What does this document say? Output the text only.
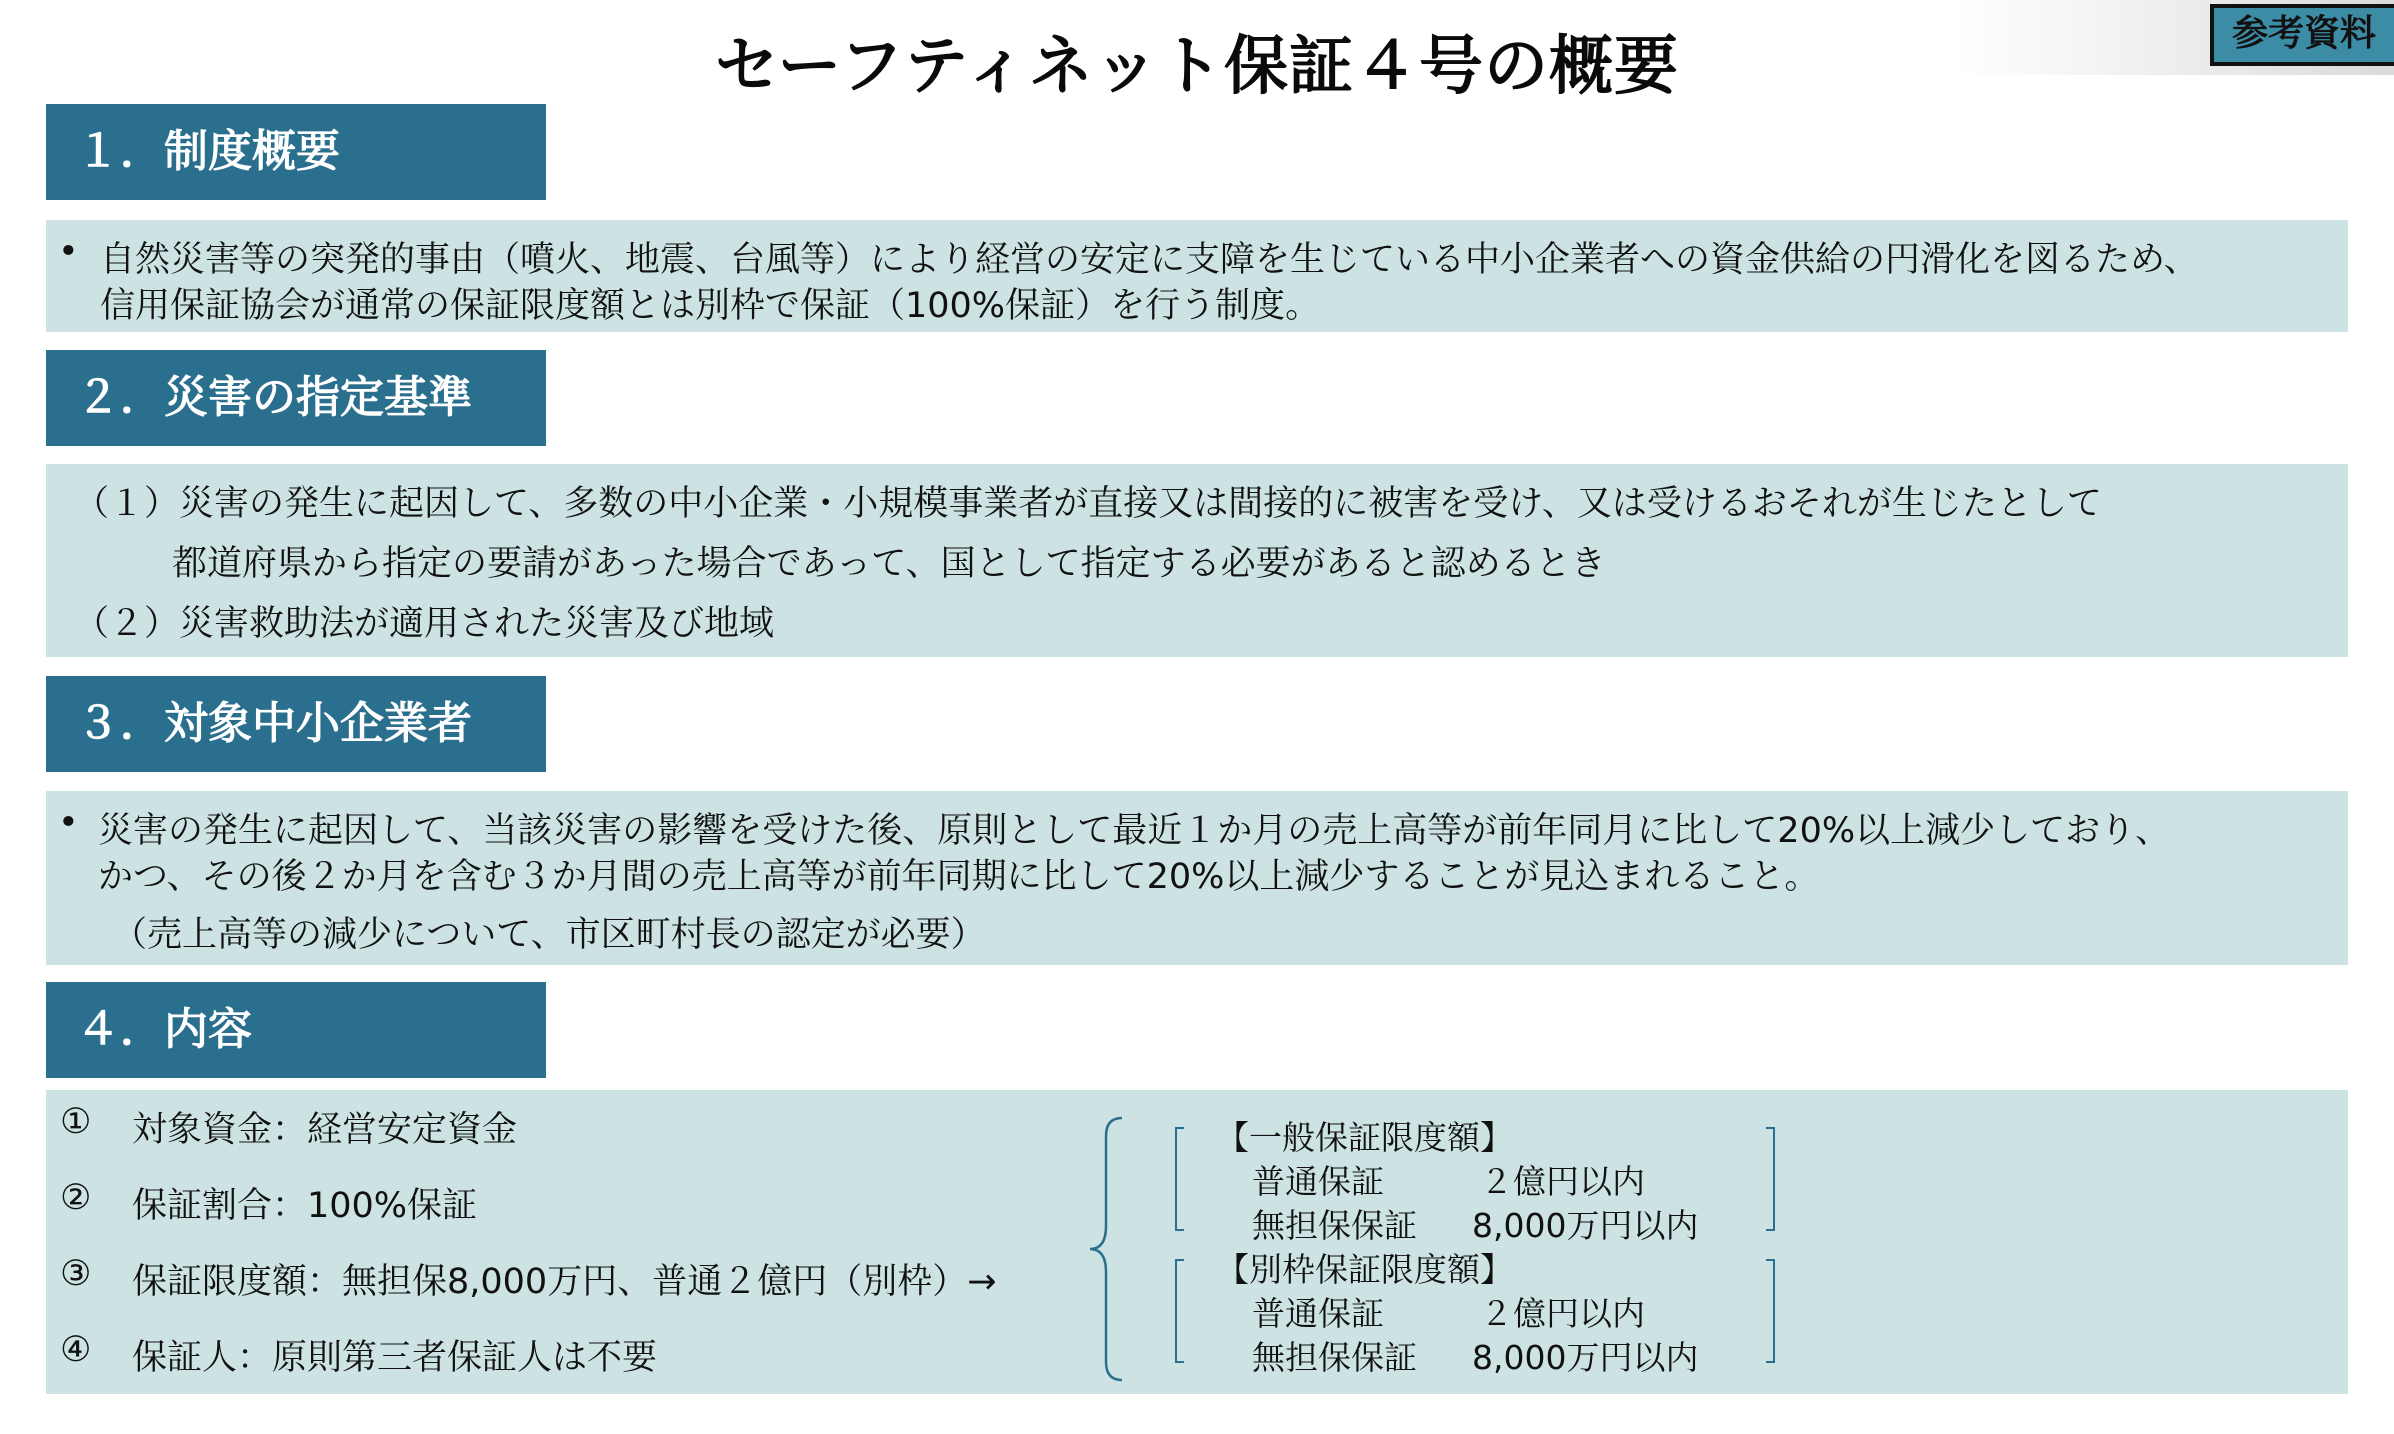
セーフティネット保証４号の概要	参考資料
１．制度概要
• 自然災害等の突発的事由（噴火、地震、台風等）により経営の安定に支障を生じている中小企業者への資金供給の円滑化を図るため、
信用保証協会が通常の保証限度額とは別枠で保証（100%保証）を行う制度。
２．災害の指定基準
（１）災害の発生に起因して、多数の中小企業・小規模事業者が直接又は間接的に被害を受け、又は受けるおそれが生じたとして
都道府県から指定の要請があった場合であって、国として指定する必要があると認めるとき
（２）災害救助法が適用された災害及び地域
３．対象中小企業者
• 災害の発生に起因して、当該災害の影響を受けた後、原則として最近１か月の売上高等が前年同月に比して20%以上減少しており、
かつ、その後２か月を含む３か月間の売上高等が前年同期に比して20%以上減少することが見込まれること。
（売上高等の減少について、市区町村長の認定が必要）
４．内容
① 対象資金：経営安定資金
② 保証割合：100%保証
③ 保証限度額：無担保8,000万円、普通２億円（別枠）→
④ 保証人：原則第三者保証人は不要
【一般保証限度額】
普通保証	２億円以内
無担保保証 8,000万円以内
【別枠保証限度額】
普通保証	２億円以内
無担保保証 8,000万円以内
